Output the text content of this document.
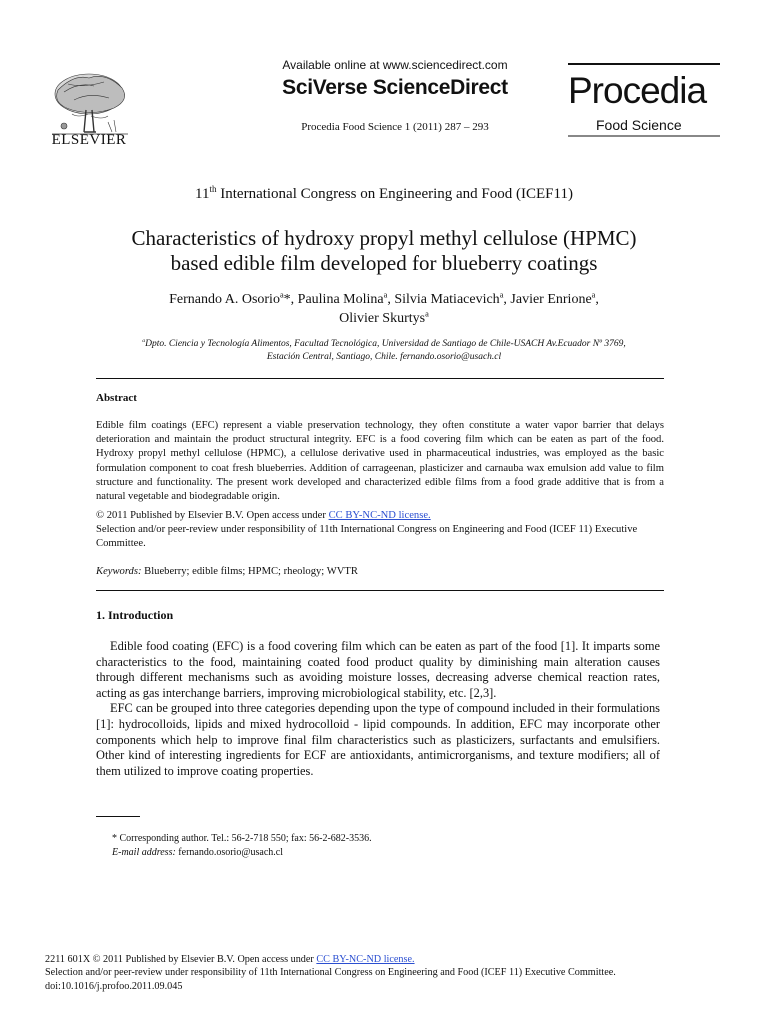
ELSEVIER
Available online at www.sciencedirect.com
SciVerse ScienceDirect
Procedia Food Science 1 (2011) 287 – 293
Procedia
Food Science
11th International Congress on Engineering and Food (ICEF11)
Characteristics of hydroxy propyl methyl cellulose (HPMC)
based edible film developed for blueberry coatings
Fernando A. Osorio$^a$*, Paulina Molina$^a$, Silvia Matiacevich$^a$, Javier Enrione$^a$,
Olivier Skurtys$^a$
$^a$Dpto. Ciencia y Tecnología Alimentos, Facultad Tecnológica, Universidad de Santiago de Chile-USACH Av.Ecuador Nº 3769,
Estación Central, Santiago, Chile. fernando.osorio@usach.cl
Abstract
Edible film coatings (EFC) represent a viable preservation technology, they often constitute a water vapor barrier that delays deterioration and maintain the product structural integrity. EFC is a food covering film which can be eaten as part of the food. Hydroxy propyl methyl cellulose (HPMC), a cellulose derivative used in pharmaceutical industries, was employed as the basic formulation component to coat fresh blueberries. Addition of carrageenan, plasticizer and carnauba wax emulsion add value to film structure and functionality. The present work developed and characterized edible films from a food grade additive that is from a natural vegetable and biodegradable origin.
© 2011 Published by Elsevier B.V. Open access under CC BY-NC-ND license.
Selection and/or peer-review under responsibility of 11th International Congress on Engineering and Food (ICEF 11) Executive Committee.
Keywords: Blueberry; edible films; HPMC; rheology; WVTR
1. Introduction

Edible food coating (EFC) is a food covering film which can be eaten as part of the food [1]. It imparts some characteristics to the food, maintaining coated food product quality by diminishing main alteration causes through different mechanisms such as avoiding moisture losses, decreasing adverse chemical reaction rates, acting as gas interchange barriers, improving microbiological stability, etc. [2,3].

EFC can be grouped into three categories depending upon the type of compound included in their formulations [1]: hydrocolloids, lipids and mixed hydrocolloid - lipid compounds. In addition, EFC may incorporate other components which help to improve final film characteristics such as plasticizers, surfactants and emulsifiers. Other kind of interesting ingredients for ECF are antioxidants, antimicrorganisms, and texture modifiers; all of them utilized to improve coating properties.

* Corresponding author. Tel.: 56-2-718 550; fax: 56-2-682-3536.
E-mail address: fernando.osorio@usach.cl
2211 601X © 2011 Published by Elsevier B.V. Open access under CC BY-NC-ND license.
Selection and/or peer-review under responsibility of 11th International Congress on Engineering and Food (ICEF 11) Executive Committee.
doi:10.1016/j.profoo.2011.09.045
